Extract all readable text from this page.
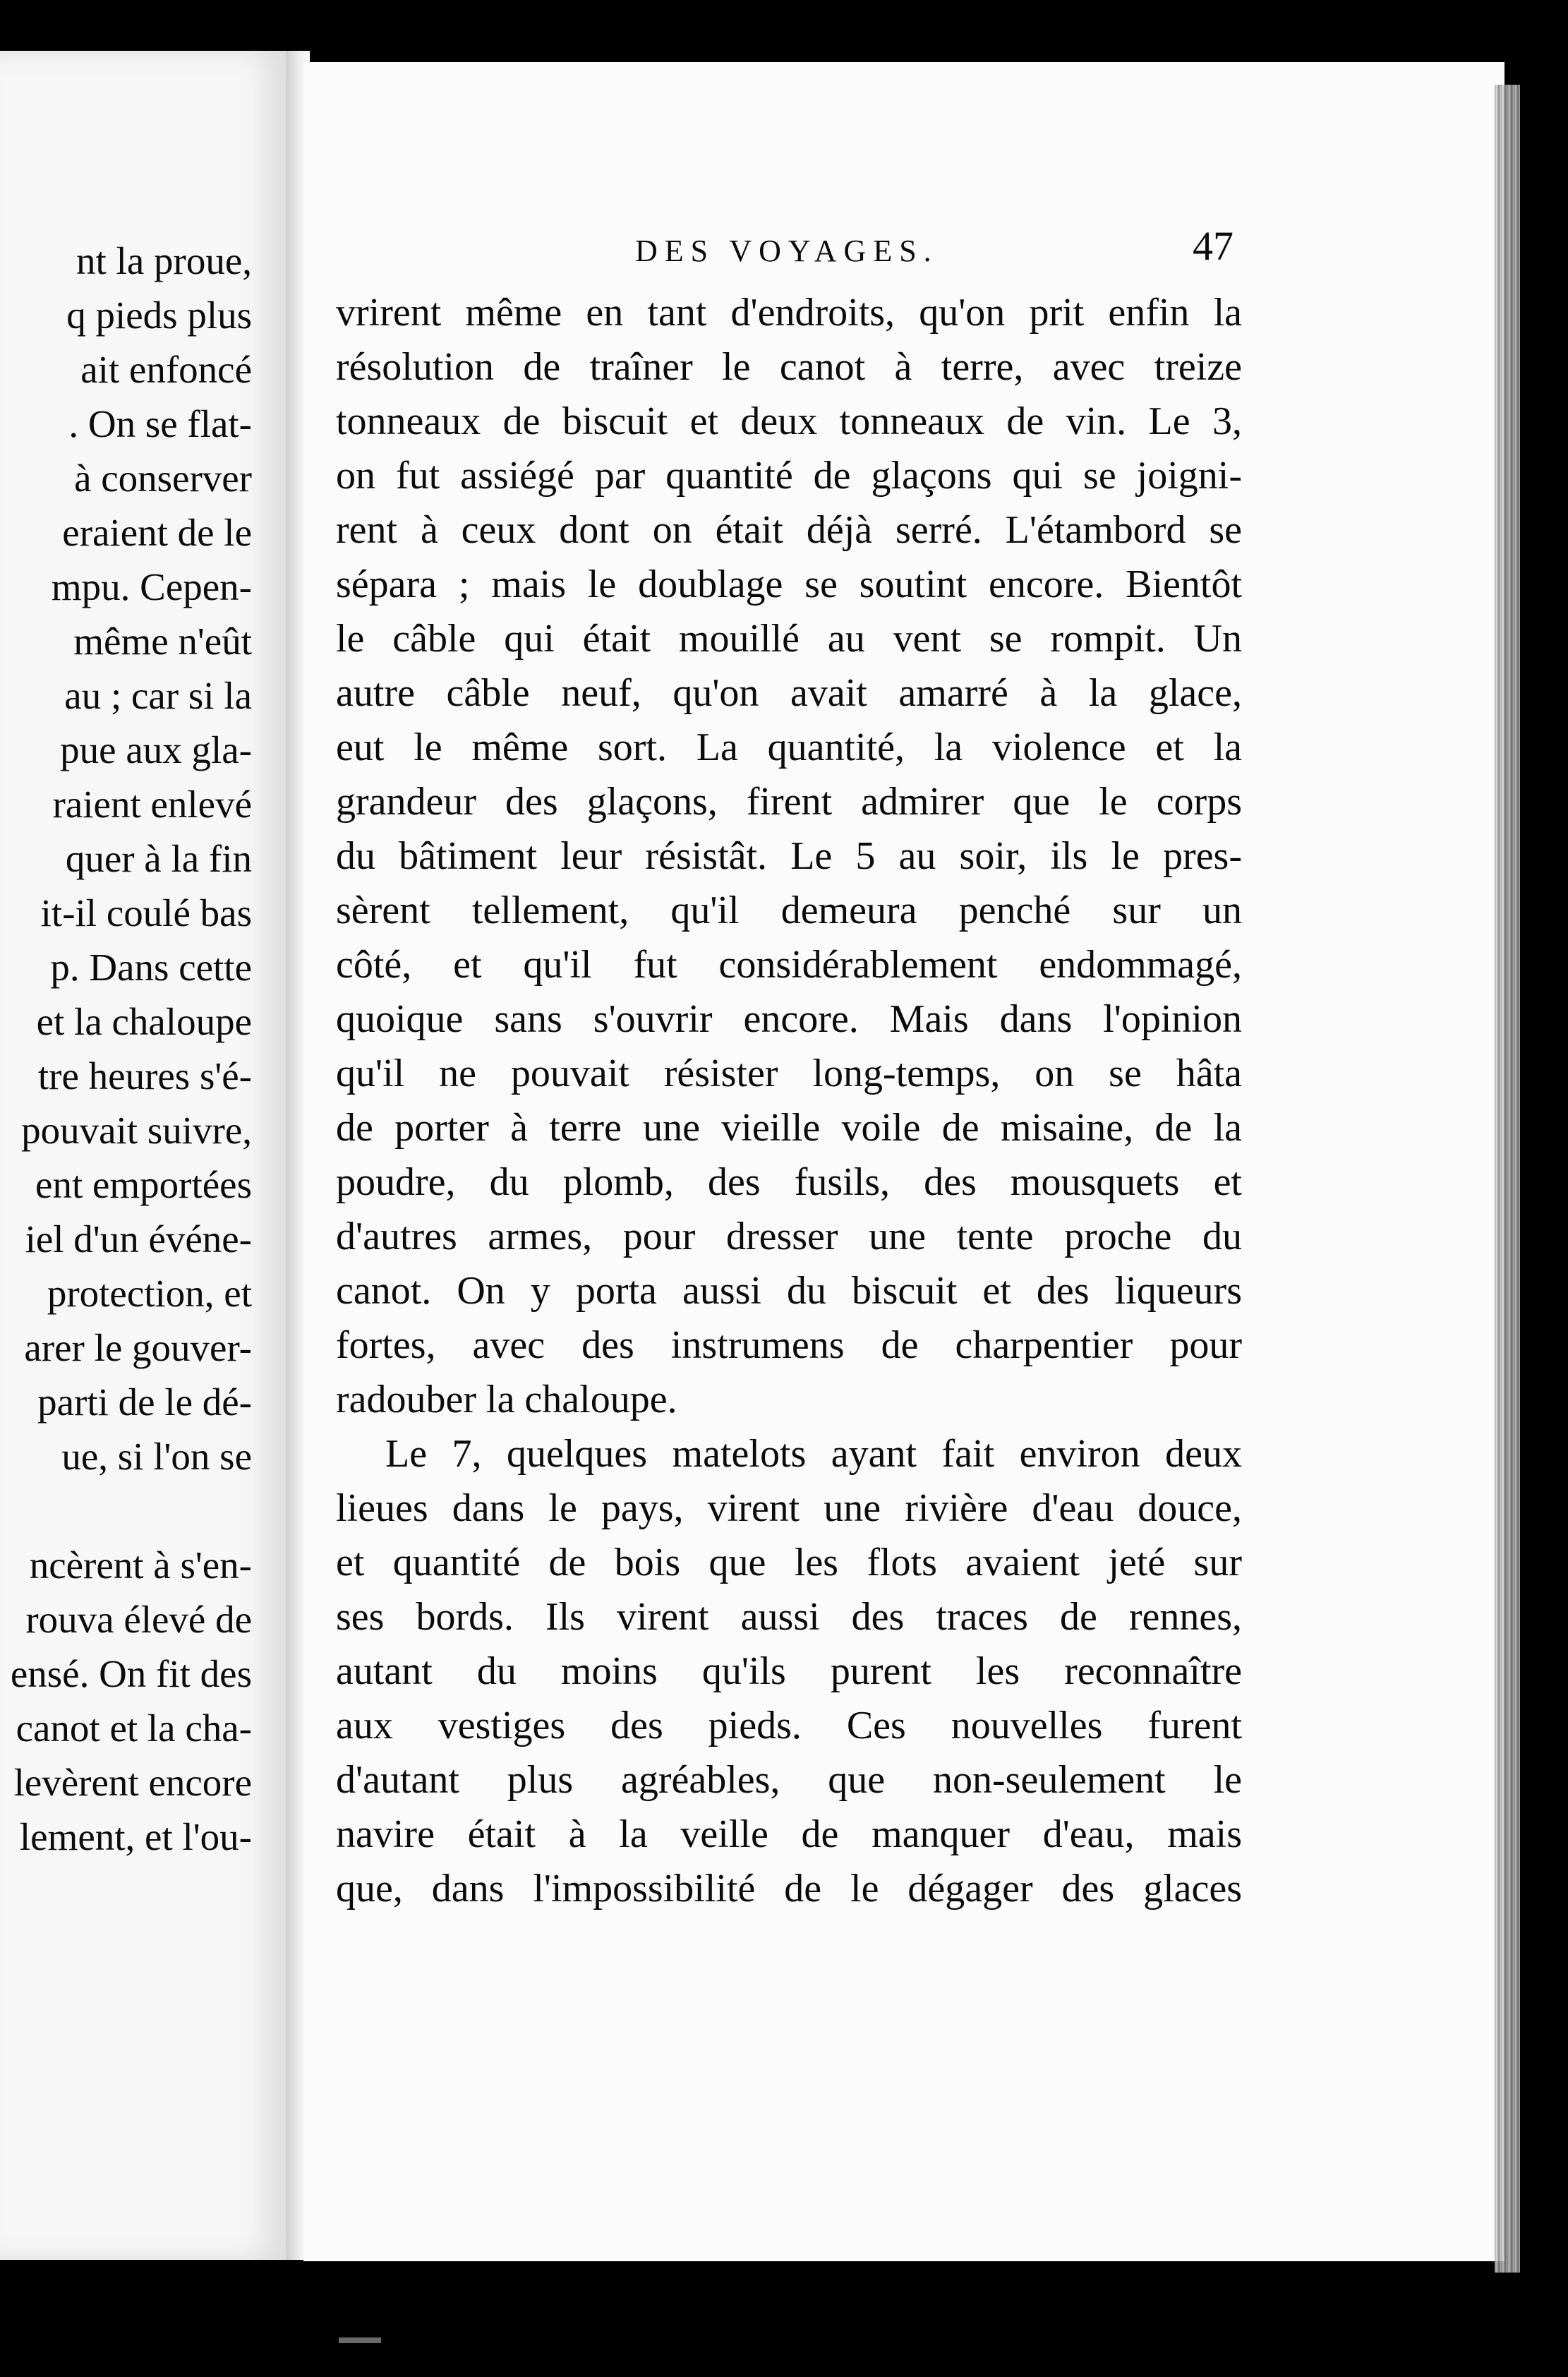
nt la proue,
q pieds plus
ait enfoncé
. On se flat-
à conserver
eraient de le
mpu. Cepen-
même n'eût
au ; car si la
pue aux gla-
raient enlevé
quer à la fin
it-il coulé bas
p. Dans cette
et la chaloupe
tre heures s'é-
pouvait suivre,
ent emportées
iel d'un événe-
protection, et
arer le gouver-
parti de le dé-
ue, si l'on se
ncèrent à s'en-
rouva élevé de
ensé. On fit des
canot et la cha-
levèrent encore
lement, et l'ou-
DES VOYAGES.	47
vrirent même en tant d'endroits, qu'on prit enfin la
résolution de traîner le canot à terre, avec treize
tonneaux de biscuit et deux tonneaux de vin. Le 3,
on fut assiégé par quantité de glaçons qui se joigni-
rent à ceux dont on était déjà serré. L'étambord se
sépara ; mais le doublage se soutint encore. Bientôt
le câble qui était mouillé au vent se rompit. Un
autre câble neuf, qu'on avait amarré à la glace,
eut le même sort. La quantité, la violence et la
grandeur des glaçons, firent admirer que le corps
du bâtiment leur résistât. Le 5 au soir, ils le pres-
sèrent tellement, qu'il demeura penché sur un
côté, et qu'il fut considérablement endommagé,
quoique sans s'ouvrir encore. Mais dans l'opinion
qu'il ne pouvait résister long-temps, on se hâta
de porter à terre une vieille voile de misaine, de la
poudre, du plomb, des fusils, des mousquets et
d'autres armes, pour dresser une tente proche du
canot. On y porta aussi du biscuit et des liqueurs
fortes, avec des instrumens de charpentier pour
radouber la chaloupe.
Le 7, quelques matelots ayant fait environ deux
lieues dans le pays, virent une rivière d'eau douce,
et quantité de bois que les flots avaient jeté sur
ses bords. Ils virent aussi des traces de rennes,
autant du moins qu'ils purent les reconnaître
aux vestiges des pieds. Ces nouvelles furent
d'autant plus agréables, que non-seulement le
navire était à la veille de manquer d'eau, mais
que, dans l'impossibilité de le dégager des glaces
